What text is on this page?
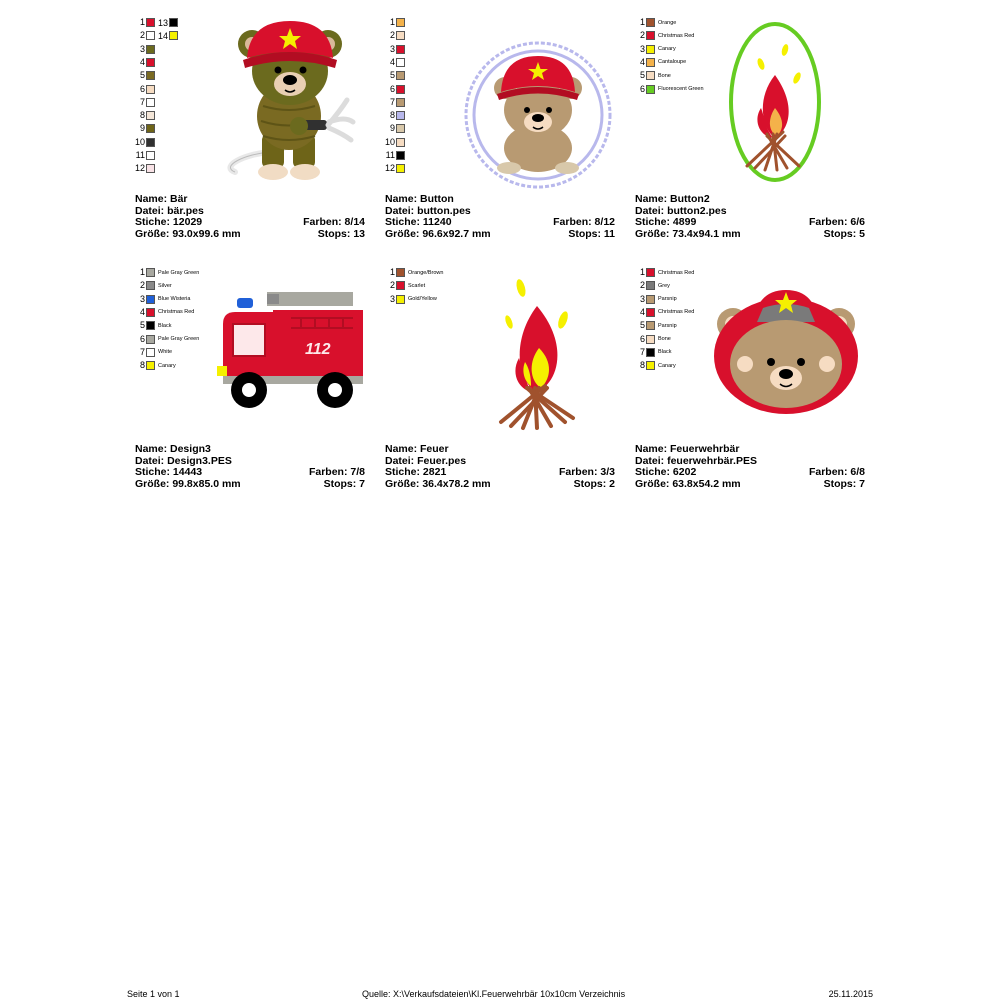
1 13
2 14
3
4
5
6
7
8
9
10
11
12
Name: Bär
Datei: bär.pes
Stiche: 12029	Farben: 8/14
Größe: 93.0x99.6 mm	Stops: 13
1
2
3
4
5
6
7
8
9
10
11
12
Name: Button
Datei: button.pes
Stiche: 11240	Farben: 8/12
Größe: 96.6x92.7 mm	Stops: 11
1 Orange
2 Christmas Red
3 Canary
4 Cantaloupe
5 Bone
6 Fluorescent Green
Name: Button2
Datei: button2.pes
Stiche: 4899	Farben: 6/6
Größe: 73.4x94.1 mm	Stops: 5
1 Pale Gray Green
2 Silver
3 Blue Wisteria
4 Christmas Red
5 Black
6 Pale Gray Green
7 White
8 Canary
112
Name: Design3
Datei: Design3.PES
Stiche: 14443	Farben: 7/8
Größe: 99.8x85.0 mm	Stops: 7
1 Orange/Brown
2 Scarlet
3 Gold/Yellow
Name: Feuer
Datei: Feuer.pes
Stiche: 2821	Farben: 3/3
Größe: 36.4x78.2 mm	Stops: 2
1 Christmas Red
2 Grey
3 Parsnip
4 Christmas Red
5 Parsnip
6 Bone
7 Black
8 Canary
Name: Feuerwehrbär
Datei: feuerwehrbär.PES
Stiche: 6202	Farben: 6/8
Größe: 63.8x54.2 mm	Stops: 7
Seite 1 von 1	Quelle: X:\Verkaufsdateien\Kl.Feuerwehrbär 10x10cm Verzeichnis	25.11.2015
